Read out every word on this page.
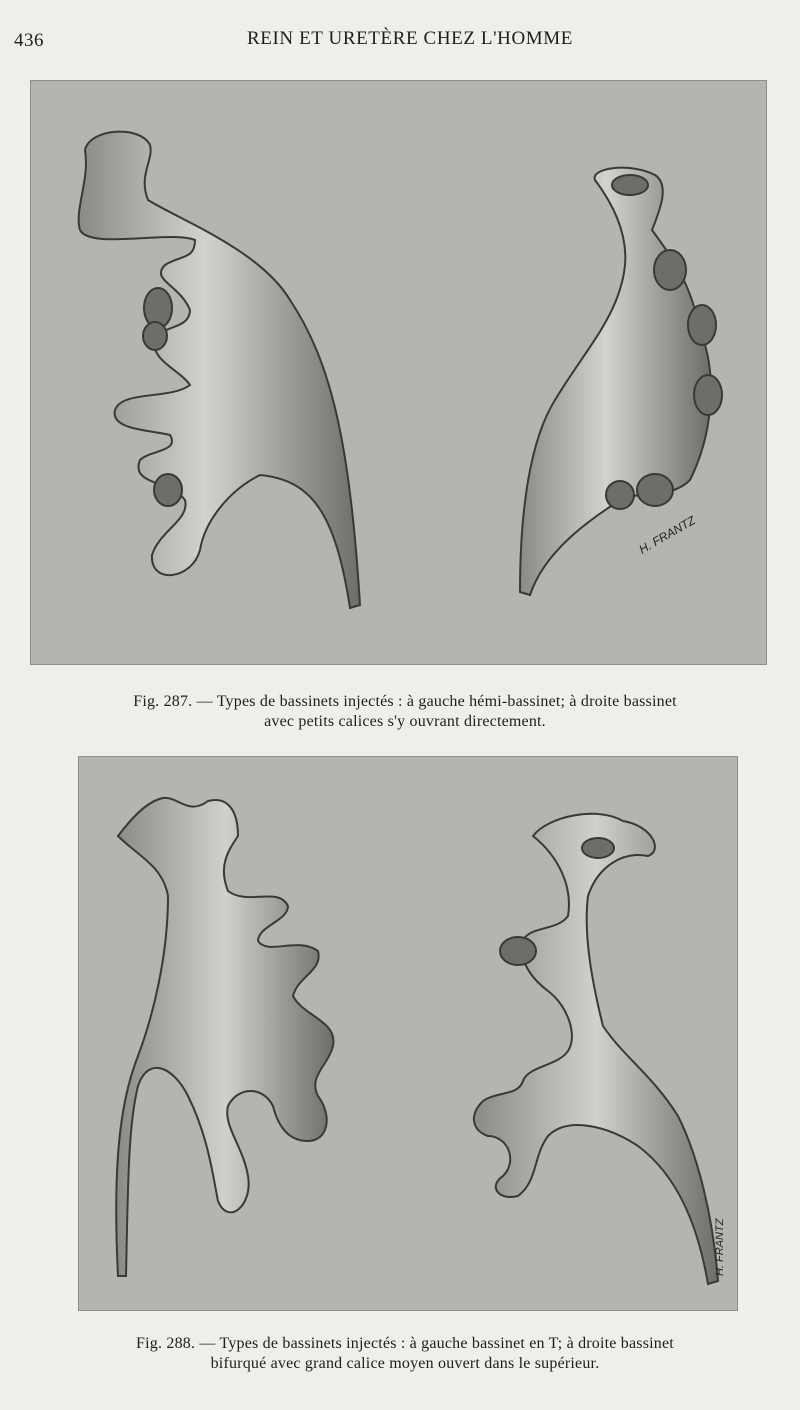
436	REIN ET URETÈRE CHEZ L'HOMME
H. FRANTZ
Fig. 287. — Types de bassinets injectés : à gauche hémi-bassinet; à droite bassinet
avec petits calices s'y ouvrant directement.
H. FRANTZ
Fig. 288. — Types de bassinets injectés : à gauche bassinet en T; à droite bassinet
bifurqué avec grand calice moyen ouvert dans le supérieur.
